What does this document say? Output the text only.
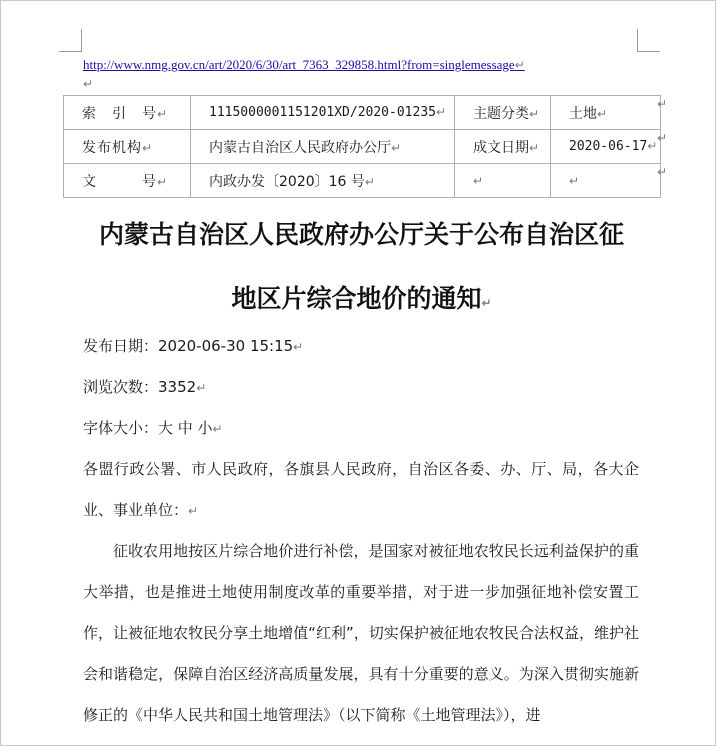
http://www.nmg.gov.cn/art/2020/6/30/art_7363_329858.html?from=singlemessage↵
↵
索　引　号↵	1115000001151201XD/2020-01235↵	主题分类↵	土地↵
发布机构↵	内蒙古自治区人民政府办公厅↵	成文日期↵	2020-06-17↵
文　　　号↵	内政办发〔2020〕16 号↵	↵	↵
↵
↵
↵
内蒙古自治区人民政府办公厅关于公布自治区征
地区片综合地价的通知↵
发布日期：2020-06-30 15:15↵
浏览次数：3352↵
字体大小：大 中 小↵
各盟行政公署、市人民政府，各旗县人民政府，自治区各委、办、厅、局，各大企业、事业单位：↵
征收农用地按区片综合地价进行补偿，是国家对被征地农牧民长远利益保护的重大举措，也是推进土地使用制度改革的重要举措，对于进一步加强征地补偿安置工作，让被征地农牧民分享土地增值“红利”，切实保护被征地农牧民合法权益，维护社会和谐稳定，保障自治区经济高质量发展，具有十分重要的意义。为深入贯彻实施新修正的《中华人民共和国土地管理法》（以下简称《土地管理法》），进
